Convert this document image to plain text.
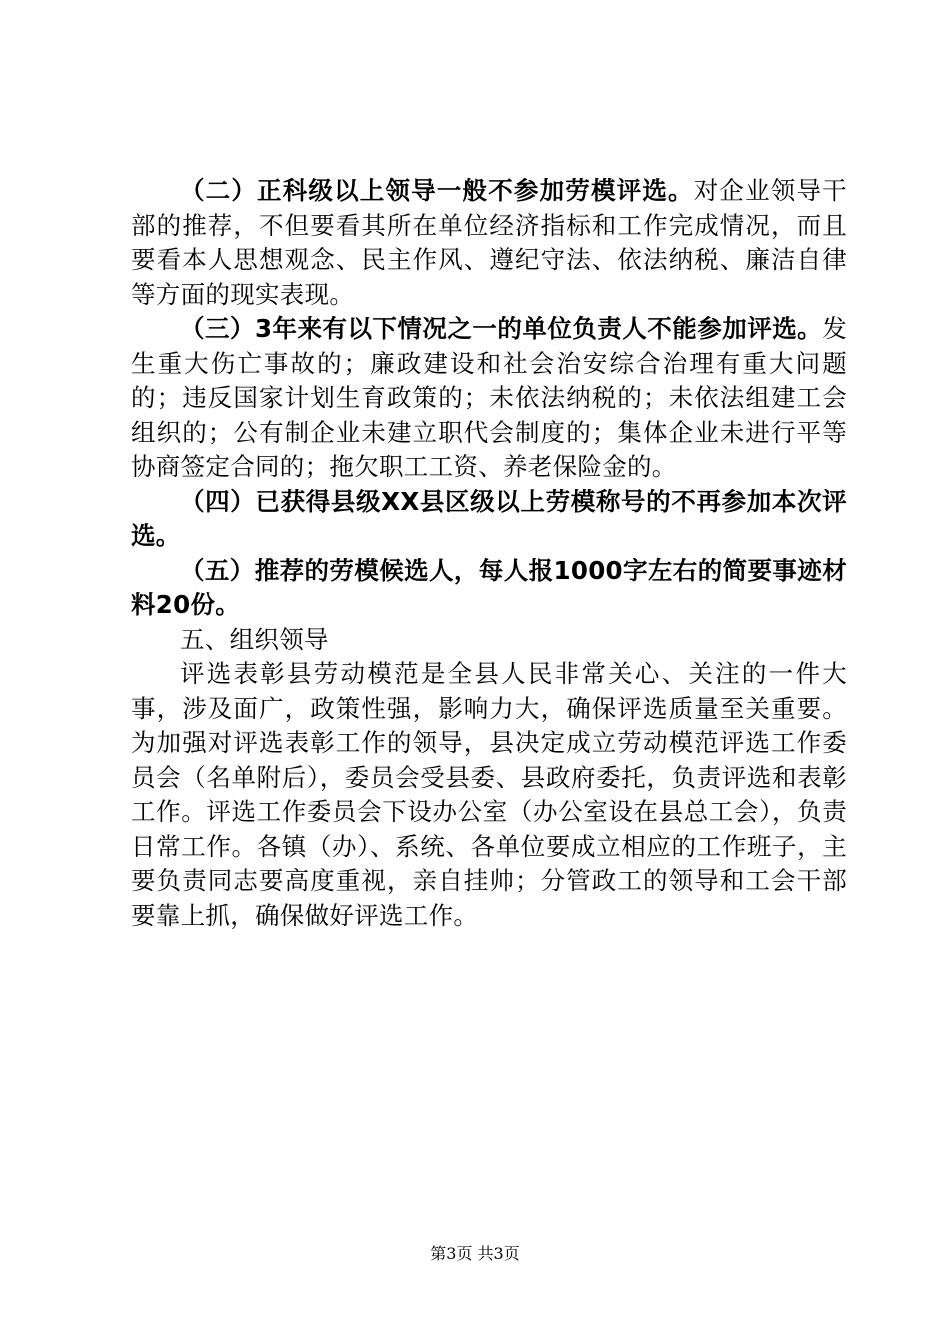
（二）正科级以上领导一般不参加劳模评选。对企业领导干部的推荐，不但要看其所在单位经济指标和工作完成情况，而且要看本人思想观念、民主作风、遵纪守法、依法纳税、廉洁自律等方面的现实表现。

（三）3年来有以下情况之一的单位负责人不能参加评选。发生重大伤亡事故的；廉政建设和社会治安综合治理有重大问题的；违反国家计划生育政策的；未依法纳税的；未依法组建工会组织的；公有制企业未建立职代会制度的；集体企业未进行平等协商签定合同的；拖欠职工工资、养老保险金的。

（四）已获得县级XX县区级以上劳模称号的不再参加本次评选。

（五）推荐的劳模候选人，每人报1000字左右的简要事迹材料20份。

五、组织领导

评选表彰县劳动模范是全县人民非常关心、关注的一件大事，涉及面广，政策性强，影响力大，确保评选质量至关重要。为加强对评选表彰工作的领导，县决定成立劳动模范评选工作委员会（名单附后），委员会受县委、县政府委托，负责评选和表彰工作。评选工作委员会下设办公室（办公室设在县总工会），负责日常工作。各镇（办）、系统、各单位要成立相应的工作班子，主要负责同志要高度重视，亲自挂帅；分管政工的领导和工会干部要靠上抓，确保做好评选工作。

第3页 共3页
